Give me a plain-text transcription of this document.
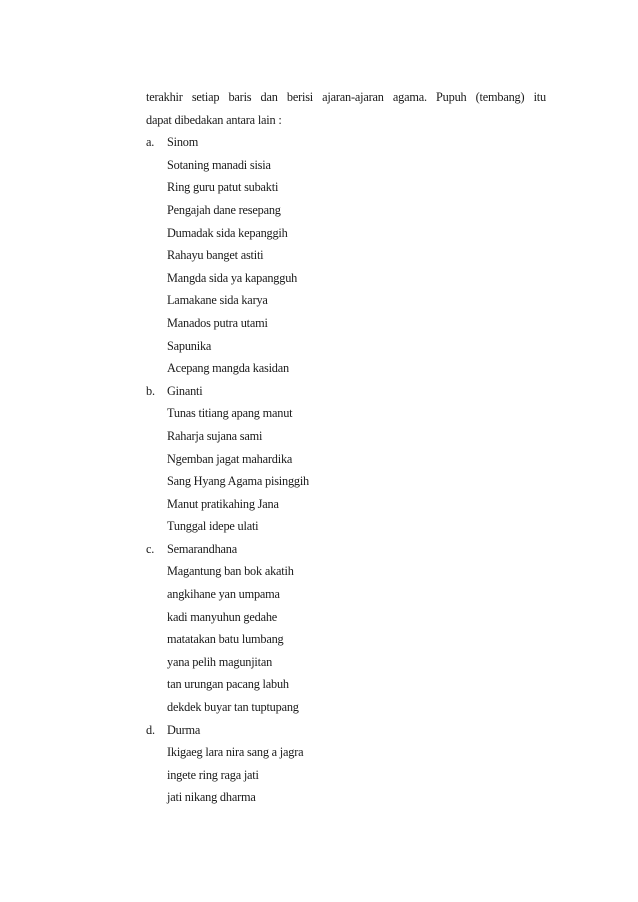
terakhir setiap baris dan berisi ajaran-ajaran agama. Pupuh (tembang) itu
dapat dibedakan antara lain :
a.	Sinom
Sotaning manadi sisia
Ring guru patut subakti
Pengajah dane resepang
Dumadak sida kepanggih
Rahayu banget astiti
Mangda sida ya kapangguh
Lamakane sida karya
Manados putra utami
Sapunika
Acepang mangda kasidan
b. Ginanti
Tunas titiang apang manut
Raharja sujana sami
Ngemban jagat mahardika
Sang Hyang Agama pisinggih
Manut pratikahing Jana
Tunggal idepe ulati
c.	Semarandhana
Magantung ban bok akatih
angkihane yan umpama
kadi manyuhun gedahe
matatakan batu lumbang
yana pelih magunjitan
tan urungan pacang labuh
dekdek buyar tan tuptupang
d. Durma
Ikigaeg lara nira sang a jagra
ingete ring raga jati
jati nikang dharma
